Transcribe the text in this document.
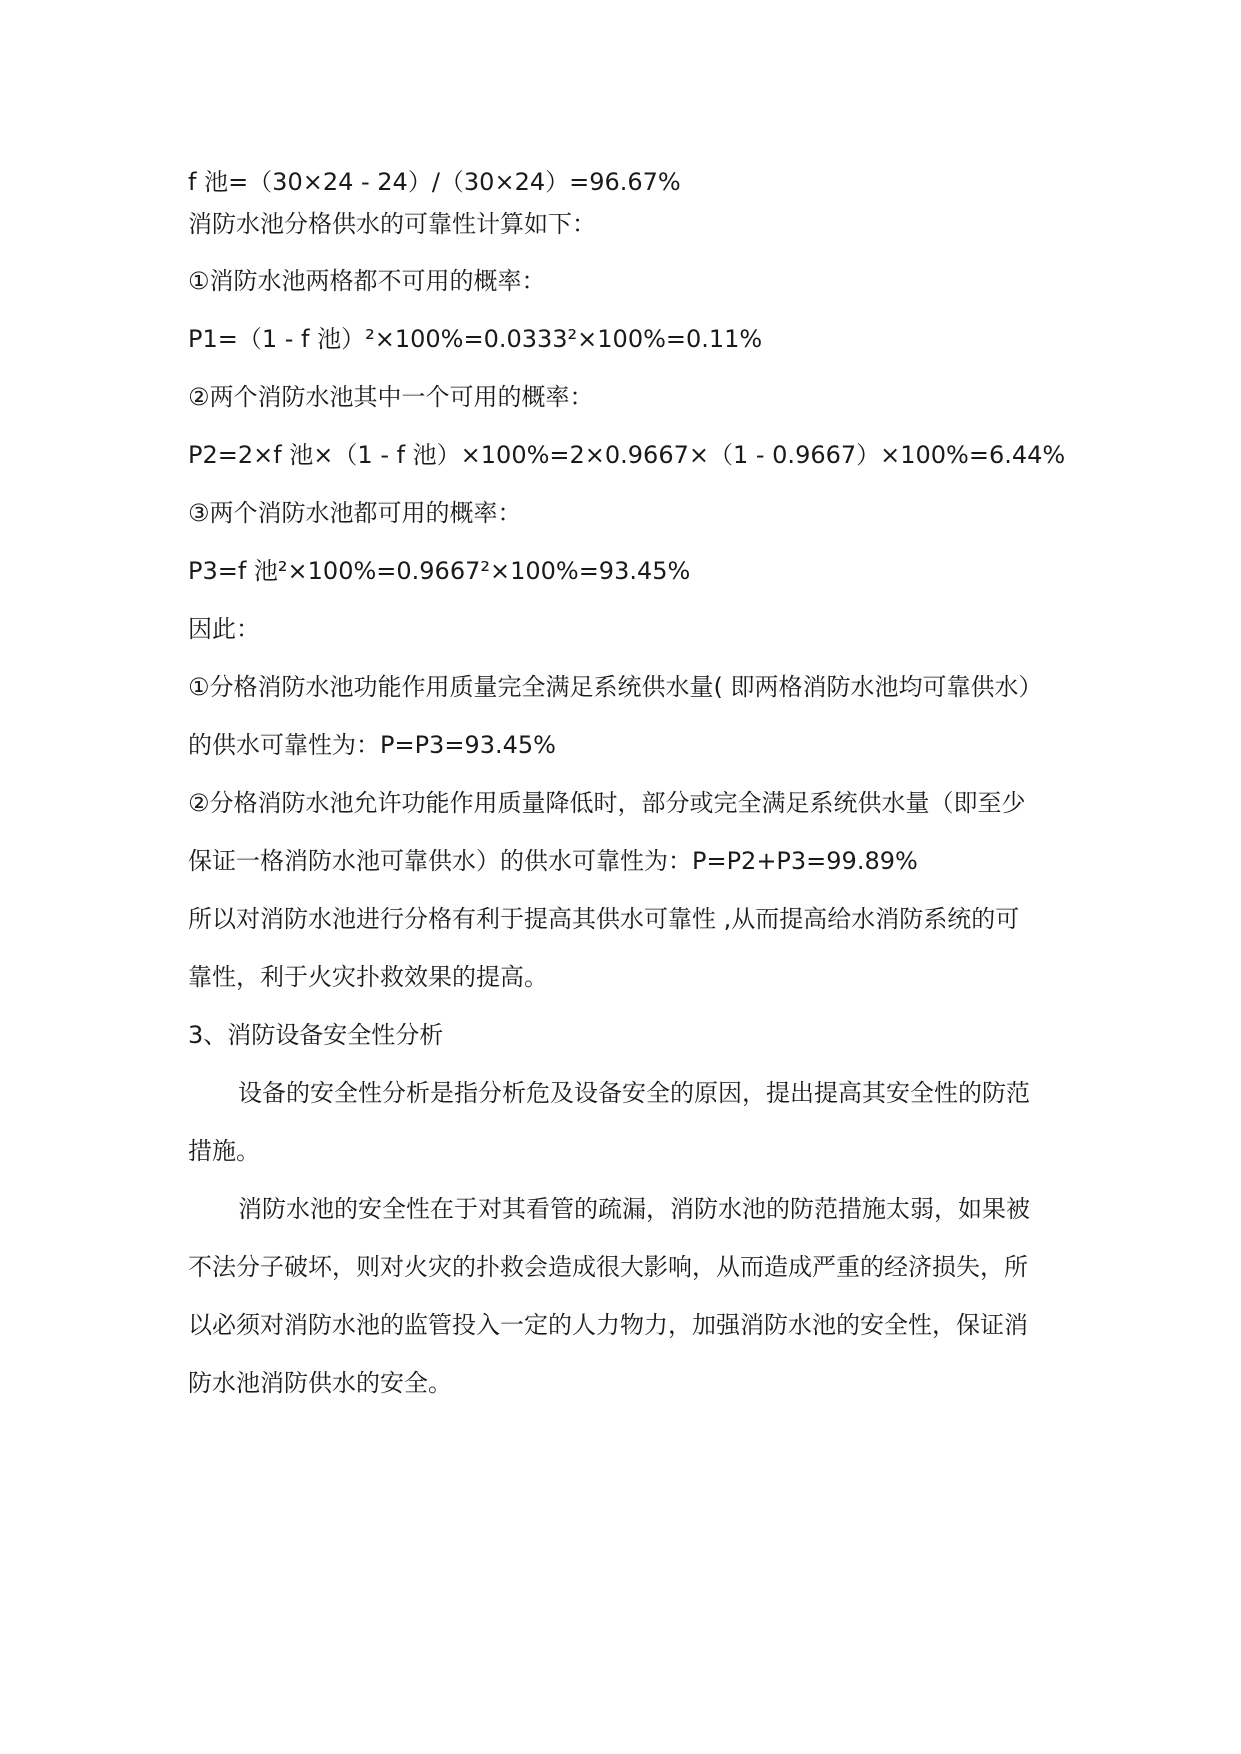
f 池=（30×24 - 24）/（30×24）=96.67%
消防水池分格供水的可靠性计算如下：
①消防水池两格都不可用的概率：
P1=（1 - f 池）²×100%=0.0333²×100%=0.11%
②两个消防水池其中一个可用的概率：
P2=2×f 池×（1 - f 池）×100%=2×0.9667×（1 - 0.9667）×100%=6.44%
③两个消防水池都可用的概率：
P3=f 池²×100%=0.9667²×100%=93.45%
因此：
①分格消防水池功能作用质量完全满足系统供水量( 即两格消防水池均可靠供水）
的供水可靠性为：P=P3=93.45%
②分格消防水池允许功能作用质量降低时，部分或完全满足系统供水量（即至少
保证一格消防水池可靠供水）的供水可靠性为：P=P2+P3=99.89%
所以对消防水池进行分格有利于提高其供水可靠性 ,从而提高给水消防系统的可
靠性，利于火灾扑救效果的提高。
3、消防设备安全性分析
设备的安全性分析是指分析危及设备安全的原因，提出提高其安全性的防范
措施。
消防水池的安全性在于对其看管的疏漏，消防水池的防范措施太弱，如果被
不法分子破坏，则对火灾的扑救会造成很大影响，从而造成严重的经济损失，所
以必须对消防水池的监管投入一定的人力物力，加强消防水池的安全性，保证消
防水池消防供水的安全。
